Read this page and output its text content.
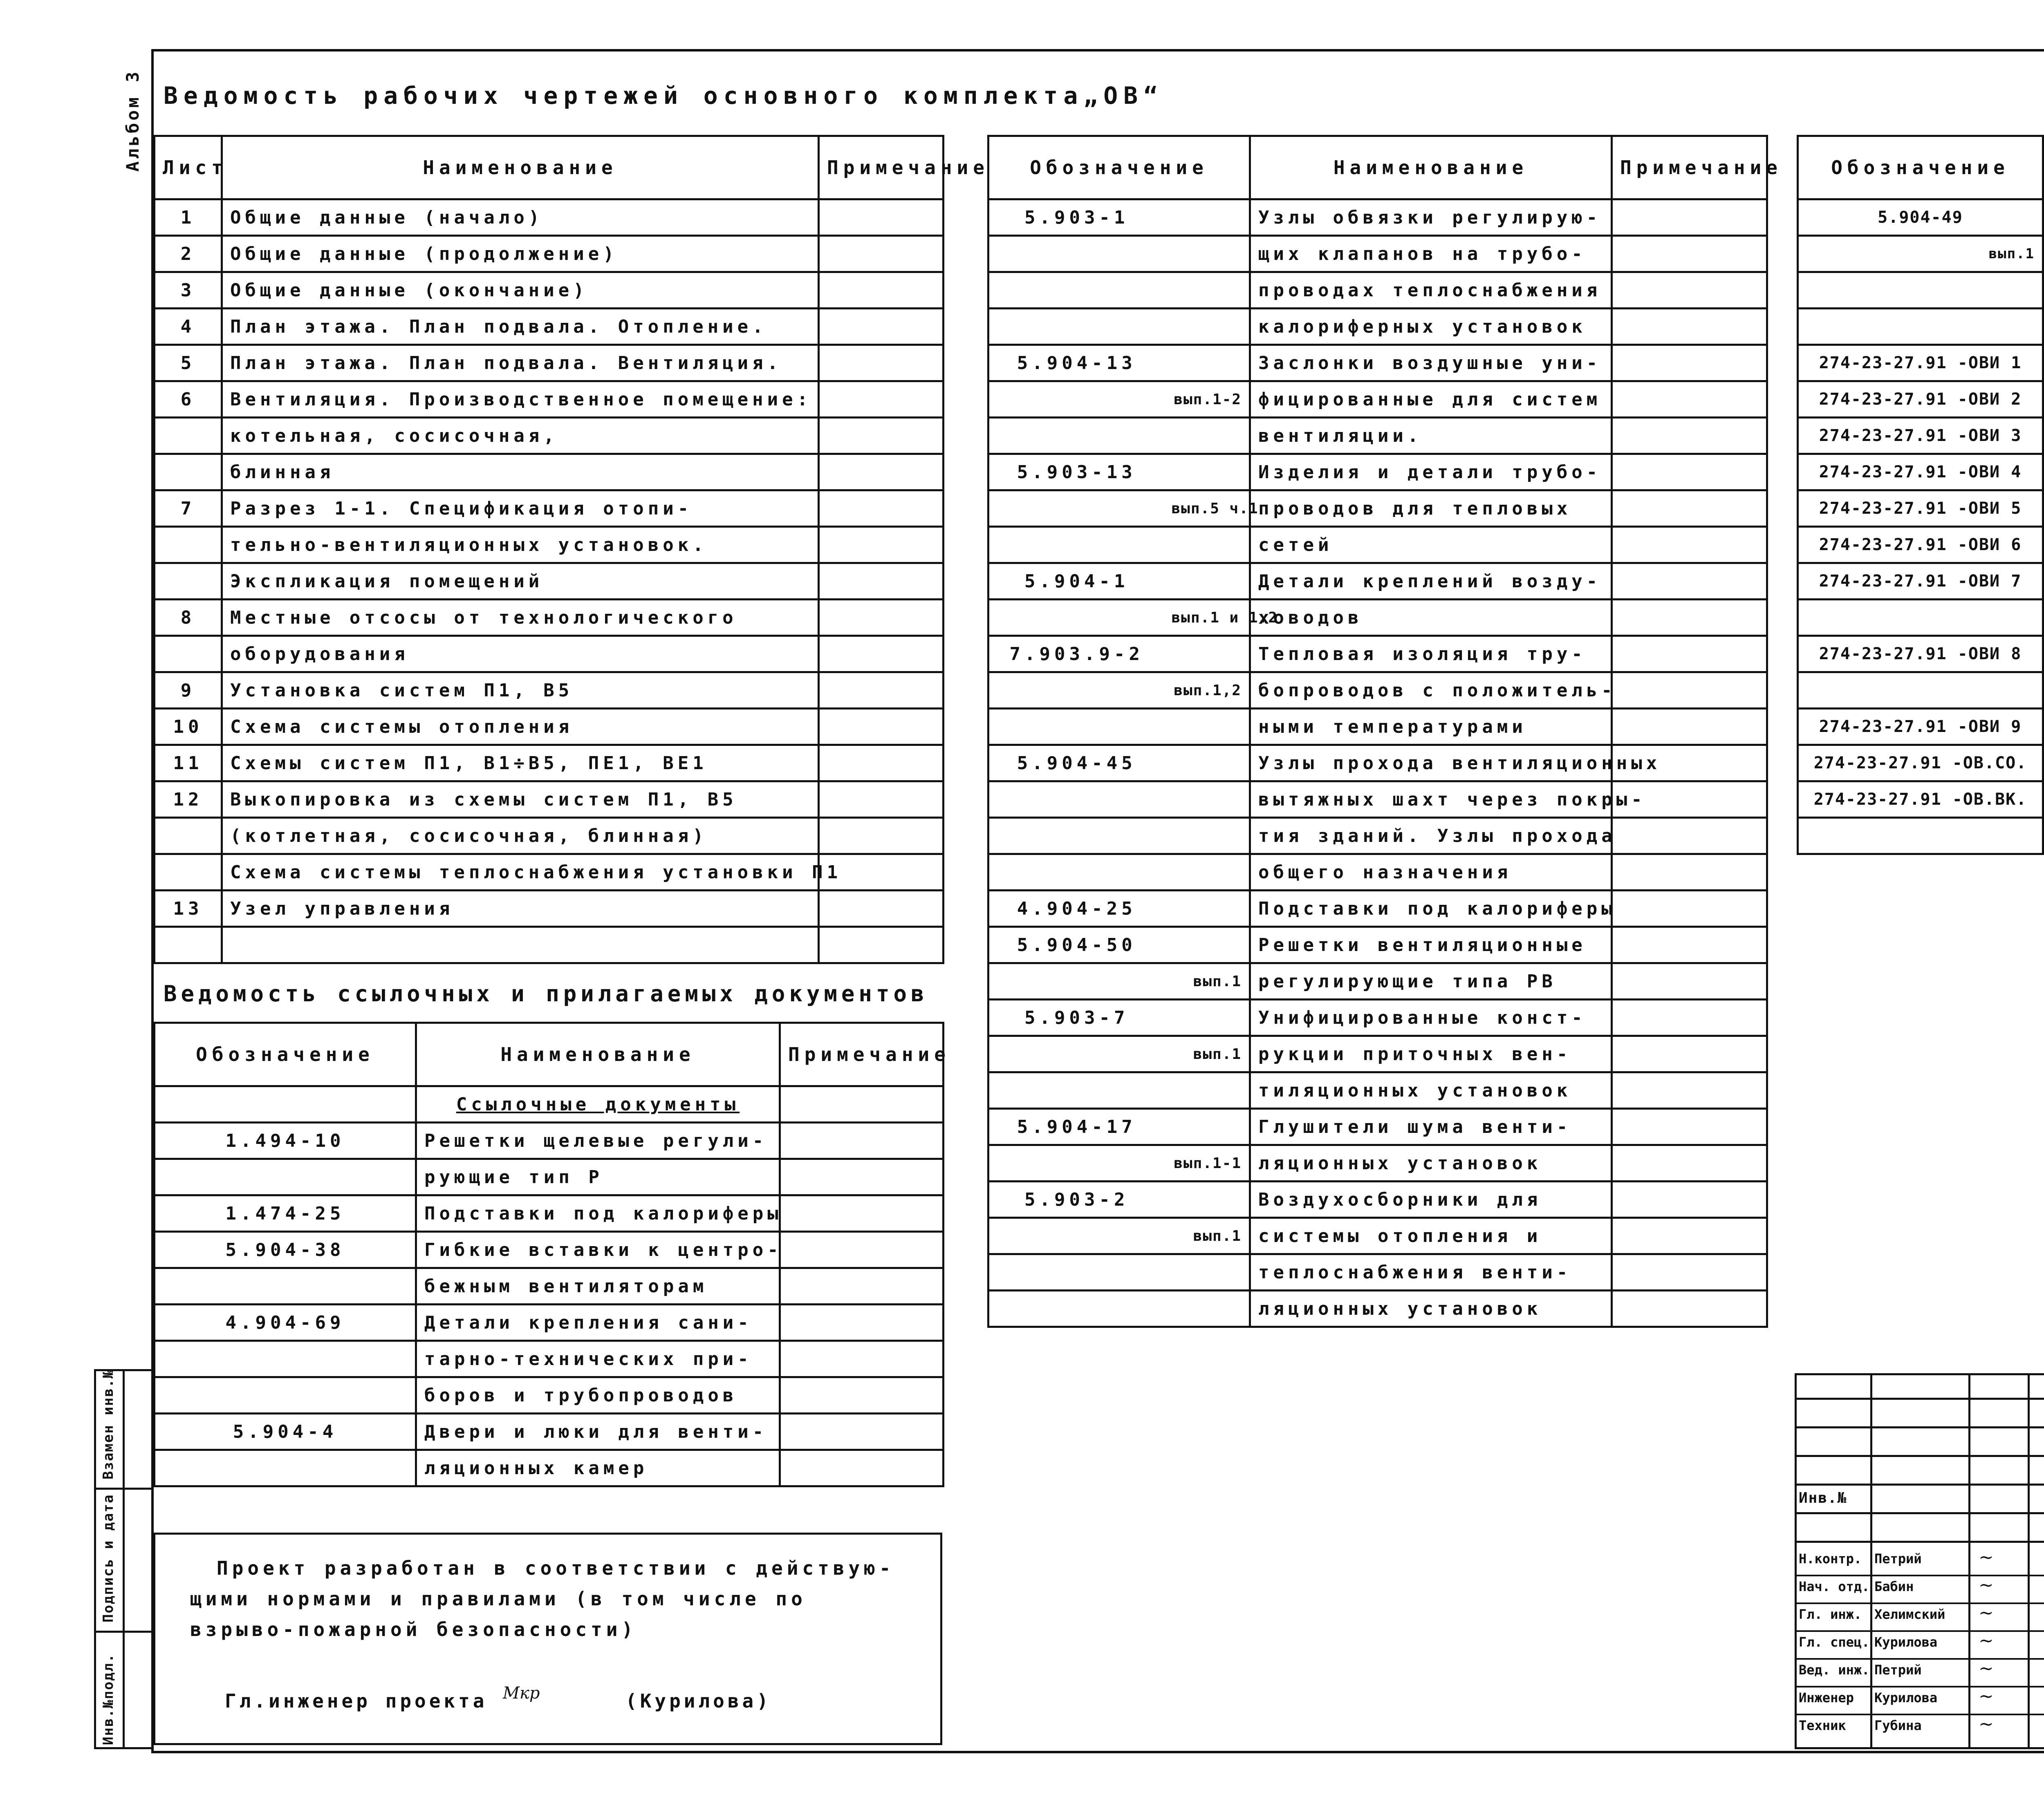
Альбом 3 Ведомость рабочих чертежей основного комплекта„ОВ“
Лист	Наименование	Примечание
1	Общие данные (начало)	
2	Общие данные (продолжение)	
3	Общие данные (окончание)	
4	План этажа. План подвала. Отопление.	
5	План этажа. План подвала. Вентиляция.	
6	Вентиляция. Производственное помещение:	
	котельная, сосисочная,	
	блинная	
7	Разрез 1-1. Спецификация отопи-	
	тельно-вентиляционных установок.	
	Экспликация помещений	
8	Местные отсосы от технологического	
	оборудования	
9	Установка систем П1, В5	
10	Схема системы отопления	
11	Схемы систем П1, В1÷В5, ПЕ1, ВЕ1	
12	Выкопировка из схемы систем П1, В5	
	(котлетная, сосисочная, блинная)	
	Схема системы теплоснабжения установки П1	
13	Узел управления	

Ведомость ссылочных и прилагаемых документов
Обозначение	Наименование	Примечание
	Ссылочные документы	
1.494-10	Решетки щелевые регули-	
	рующие тип Р	
1.474-25	Подставки под калориферы	
5.904-38	Гибкие вставки к центро-	
	бежным вентиляторам	
4.904-69	Детали крепления сани-	
	тарно-технических при-	
	боров и трубопроводов	
5.904-4	Двери и люки для венти-	
	ляционных камер	
Обозначение		Наименование	Примечание
5.903-1		Узлы обвязки регулирую-	
		щих клапанов на трубо-	
		проводах теплоснабжения	
		калориферных установок	
5.904-13		Заслонки воздушные уни-	
	вып.1-2	фицированные для систем	
		вентиляции.	
5.903-13		Изделия и детали трубо-	
	вып.5 ч.1	проводов для тепловых	
		сетей	
5.904-1		Детали креплений возду-	
	вып.1 и 1.2	ховодов	
7.903.9-2		Тепловая изоляция тру-	
	вып.1,2	бопроводов с положитель-	
		ными температурами	
5.904-45		Узлы прохода вентиляционных	
		вытяжных шахт через покры-	
		тия зданий. Узлы прохода	
		общего назначения	
4.904-25		Подставки под калориферы	
5.904-50		Решетки вентиляционные	
	вып.1	регулирующие типа РВ	
5.903-7		Унифицированные конст-	
	вып.1	рукции приточных вен-	
		тиляционных установок	
5.904-17		Глушители шума венти-	
	вып.1-1	ляционных установок	
5.903-2		Воздухосборники для	
	вып.1	системы отопления и	
		теплоснабжения венти-	
		ляционных установок	
Обозначение		
5.904-49

вып.1

274-23-27.91 -ОВИ 1

274-23-27.91 -ОВИ 2

274-23-27.91 -ОВИ 3

274-23-27.91 -ОВИ 4

274-23-27.91 -ОВИ 5

274-23-27.91 -ОВИ 6

274-23-27.91 -ОВИ 7

274-23-27.91 -ОВИ 8

274-23-27.91 -ОВИ 9

274-23-27.91 -ОВ.СО.

274-23-27.91 -ОВ.ВК.

Проект разработан в соответствии с действую-
щими нормами и правилами (в том числе по
взрыво-пожарной безопасности)
Гл.инженер проекта Мкр	(Курилова)
Взамен инв.№
Подпись и дата
Инв.№подл.
Инв.№
Н.контр. Петрий	~
Нач. отд. Бабин	~
Гл. инж. Хелимский ~
Гл. спец. Курилова ~
Вед. инж. Петрий	~
Инженер Курилова ~
Техник Губина	~
